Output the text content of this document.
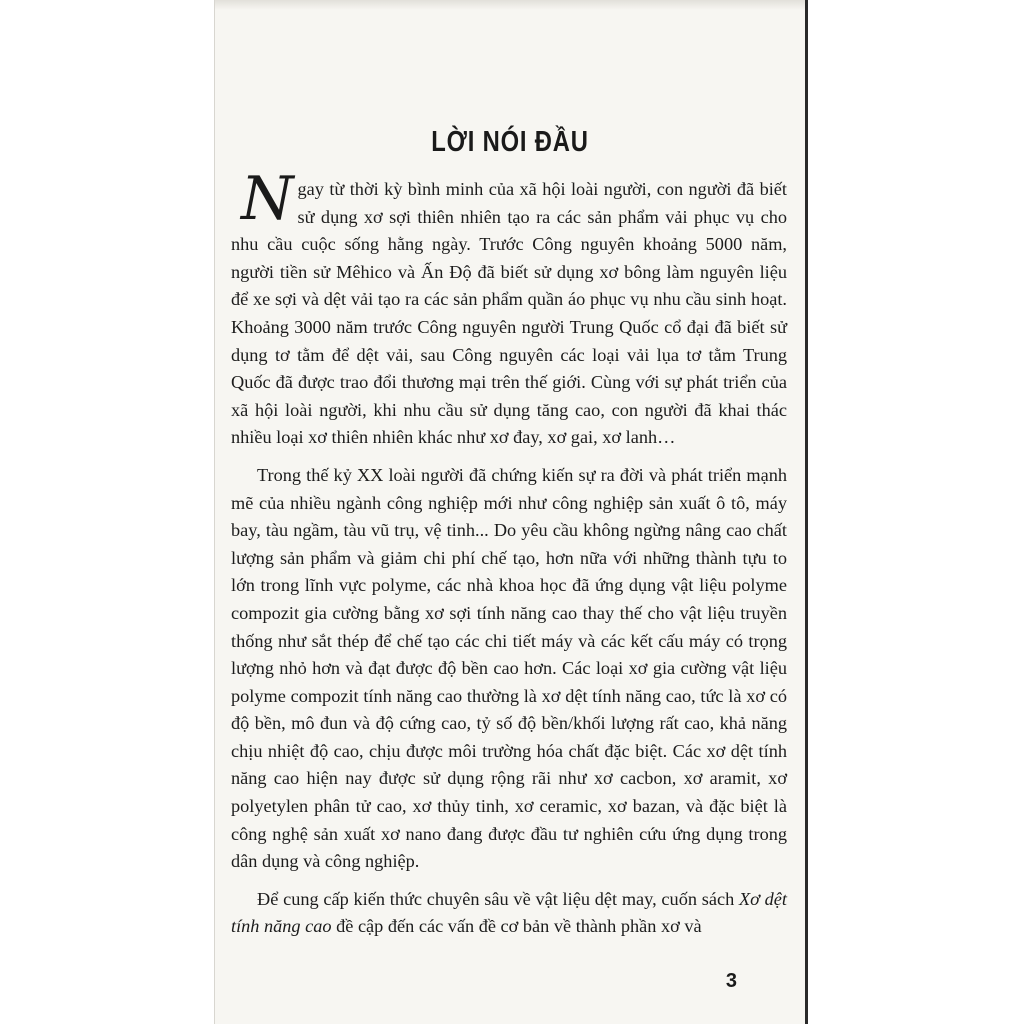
LỜI NÓI ĐẦU

Ngay từ thời kỳ bình minh của xã hội loài người, con người đã biết sử dụng xơ sợi thiên nhiên tạo ra các sản phẩm vải phục vụ cho nhu cầu cuộc sống hằng ngày. Trước Công nguyên khoảng 5000 năm, người tiền sử Mêhico và Ấn Độ đã biết sử dụng xơ bông làm nguyên liệu để xe sợi và dệt vải tạo ra các sản phẩm quần áo phục vụ nhu cầu sinh hoạt. Khoảng 3000 năm trước Công nguyên người Trung Quốc cổ đại đã biết sử dụng tơ tằm để dệt vải, sau Công nguyên các loại vải lụa tơ tằm Trung Quốc đã được trao đổi thương mại trên thế giới. Cùng với sự phát triển của xã hội loài người, khi nhu cầu sử dụng tăng cao, con người đã khai thác nhiều loại xơ thiên nhiên khác như xơ đay, xơ gai, xơ lanh…

Trong thế kỷ XX loài người đã chứng kiến sự ra đời và phát triển mạnh mẽ của nhiều ngành công nghiệp mới như công nghiệp sản xuất ô tô, máy bay, tàu ngầm, tàu vũ trụ, vệ tinh... Do yêu cầu không ngừng nâng cao chất lượng sản phẩm và giảm chi phí chế tạo, hơn nữa với những thành tựu to lớn trong lĩnh vực polyme, các nhà khoa học đã ứng dụng vật liệu polyme compozit gia cường bằng xơ sợi tính năng cao thay thế cho vật liệu truyền thống như sắt thép để chế tạo các chi tiết máy và các kết cấu máy có trọng lượng nhỏ hơn và đạt được độ bền cao hơn. Các loại xơ gia cường vật liệu polyme compozit tính năng cao thường là xơ dệt tính năng cao, tức là xơ có độ bền, mô đun và độ cứng cao, tỷ số độ bền/khối lượng rất cao, khả năng chịu nhiệt độ cao, chịu được môi trường hóa chất đặc biệt. Các xơ dệt tính năng cao hiện nay được sử dụng rộng rãi như xơ cacbon, xơ aramit, xơ polyetylen phân tử cao, xơ thủy tinh, xơ ceramic, xơ bazan, và đặc biệt là công nghệ sản xuất xơ nano đang được đầu tư nghiên cứu ứng dụng trong dân dụng và công nghiệp.

Để cung cấp kiến thức chuyên sâu về vật liệu dệt may, cuốn sách Xơ dệt tính năng cao đề cập đến các vấn đề cơ bản về thành phần xơ và

3
